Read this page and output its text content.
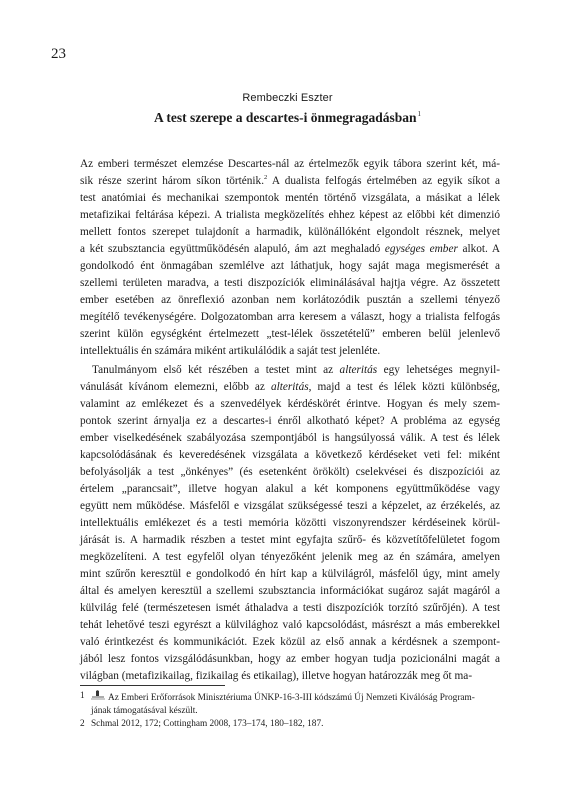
23
Rembeczki Eszter
A test szerepe a descartes-i önmegragadásban$^1$
Az emberi természet elemzése Descartes-nál az értelmezők egyik tábora szerint két, má-
sik része szerint három síkon történik.$^2$ A dualista felfogás értelmében az egyik síkot a
test anatómiai és mechanikai szempontok mentén történő vizsgálata, a másikat a lélek
metafizikai feltárása képezi. A trialista megközelítés ehhez képest az előbbi két dimenzió
mellett fontos szerepet tulajdonít a harmadik, különállóként elgondolt résznek, melyet
a két szubsztancia együttműködésén alapuló, ám azt meghaladó egységes ember alkot. A
gondolkodó ént önmagában szemlélve azt láthatjuk, hogy saját maga megismerését a
szellemi területen maradva, a testi diszpozíciók eliminálásával hajtja végre. Az összetett
ember esetében az önreflexió azonban nem korlátozódik pusztán a szellemi tényező
megítélő tevékenységére. Dolgozatomban arra keresem a választ, hogy a trialista felfogás
szerint külön egységként értelmezett „test-lélek összetételű” emberen belül jelenlevő
intellektuális én számára miként artikulálódik a saját test jelenléte.
Tanulmányom első két részében a testet mint az alteritás egy lehetséges megnyil-
vánulását kívánom elemezni, előbb az alteritás, majd a test és lélek közti különbség,
valamint az emlékezet és a szenvedélyek kérdéskörét érintve. Hogyan és mely szem-
pontok szerint árnyalja ez a descartes-i énről alkotható képet? A probléma az egység
ember viselkedésének szabályozása szempontjából is hangsúlyossá válik. A test és lélek
kapcsolódásának és keveredésének vizsgálata a következő kérdéseket veti fel: miként
befolyásolják a test „önkényes” (és esetenként örökölt) cselekvései és diszpozíciói az
értelem „parancsait”, illetve hogyan alakul a két komponens együttműködése vagy
együtt nem működése. Másfelől e vizsgálat szükségessé teszi a képzelet, az érzékelés, az
intellektuális emlékezet és a testi memória közötti viszonyrendszer kérdéseinek körül-
járását is. A harmadik részben a testet mint egyfajta szűrő- és közvetítőfelületet fogom
megközelíteni. A test egyfelől olyan tényezőként jelenik meg az én számára, amelyen
mint szűrőn keresztül e gondolkodó én hírt kap a külvilágról, másfelől úgy, mint amely
által és amelyen keresztül a szellemi szubsztancia információkat sugároz saját magáról a
külvilág felé (természetesen ismét áthaladva a testi diszpozíciók torzító szűrőjén). A test
tehát lehetővé teszi egyrészt a külvilághoz való kapcsolódást, másrészt a más emberekkel
való érintkezést és kommunikációt. Ezek közül az első annak a kérdésnek a szempont-
jából lesz fontos vizsgálódásunkban, hogy az ember hogyan tudja pozicionálni magát a
világban (metafizikailag, fizikailag és etikailag), illetve hogyan határozzák meg őt ma-
1	Az Emberi Erőforrások Minisztériuma ÚNKP-16-3-III kódszámú Új Nemzeti Kiválóság Program-
jának támogatásával készült.
2 Schmal 2012, 172; Cottingham 2008, 173–174, 180–182, 187.
